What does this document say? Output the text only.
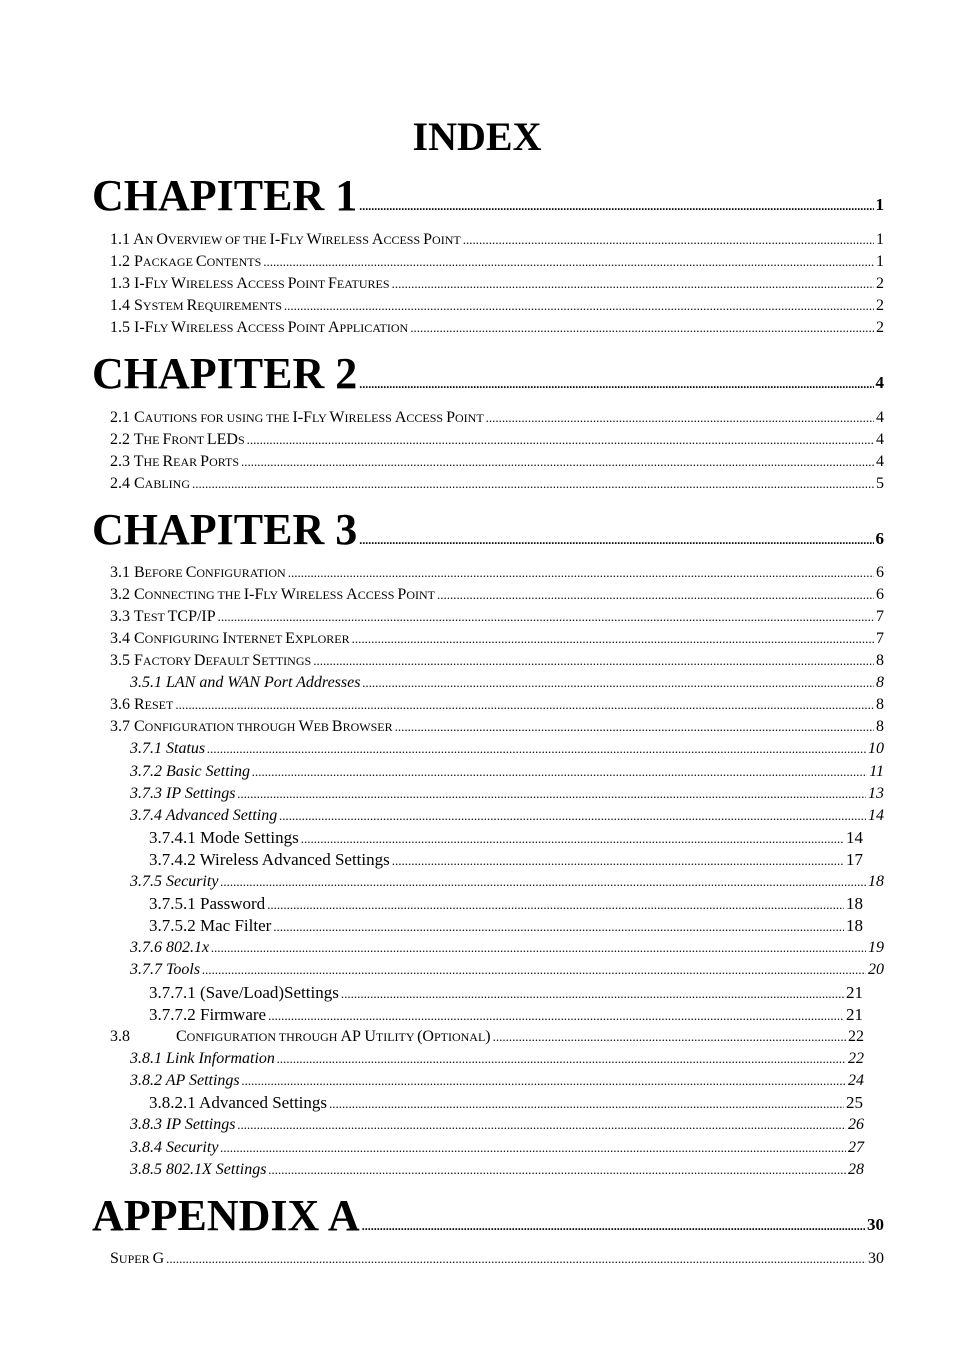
INDEX
CHAPITER 1 .....	1
1.1 AN OVERVIEW OF THE I-FLY WIRELESS ACCESS POINT .....	1
1.2 PACKAGE CONTENTS .....	1
1.3 I-FLY WIRELESS ACCESS POINT FEATURES .....	2
1.4 SYSTEM REQUIREMENTS .....	2
1.5 I-FLY WIRELESS ACCESS POINT APPLICATION .....	2
CHAPITER 2 .....	4
2.1 CAUTIONS FOR USING THE I-FLY WIRELESS ACCESS POINT .....	4
2.2 THE FRONT LEDS .....	4
2.3 THE REAR PORTS .....	4
2.4 CABLING .....	5
CHAPITER 3 .....	6
3.1 BEFORE CONFIGURATION .....	6
3.2 CONNECTING THE I-FLY WIRELESS ACCESS POINT .....	6
3.3 TEST TCP/IP .....	7
3.4 CONFIGURING INTERNET EXPLORER .....	7
3.5 FACTORY DEFAULT SETTINGS .....	8
3.5.1 LAN and WAN Port Addresses .....	8
3.6 RESET .....	8
3.7 CONFIGURATION THROUGH WEB BROWSER .....	8
3.7.1 Status .....	10
3.7.2 Basic Setting .....	11
3.7.3 IP Settings .....	13
3.7.4 Advanced Setting .....	14
3.7.4.1 Mode Settings .....	14
3.7.4.2 Wireless Advanced Settings .....	17
3.7.5 Security .....	18
3.7.5.1 Password .....	18
3.7.5.2 Mac Filter .....	18
3.7.6 802.1x .....	19
3.7.7 Tools .....	20
3.7.7.1 (Save/Load)Settings .....	21
3.7.7.2 Firmware .....	21
3.8	CONFIGURATION THROUGH AP UTILITY (OPTIONAL) .....	22
3.8.1 Link Information .....	22
3.8.2 AP Settings .....	24
3.8.2.1 Advanced Settings .....	25
3.8.3 IP Settings .....	26
3.8.4 Security .....	27
3.8.5 802.1X Settings .....	28
APPENDIX A .....	30
SUPER G .....	30
